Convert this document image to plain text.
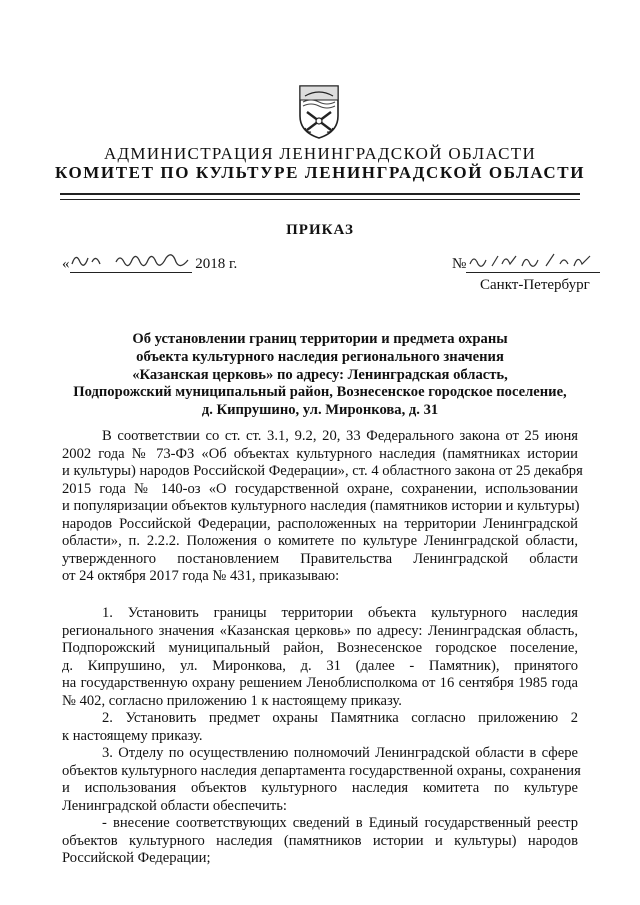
АДМИНИСТРАЦИЯ ЛЕНИНГРАДСКОЙ ОБЛАСТИ
КОМИТЕТ ПО КУЛЬТУРЕ ЛЕНИНГРАДСКОЙ ОБЛАСТИ
ПРИКАЗ
«	2018 г.	№
Санкт-Петербург
Об установлении границ территории и предмета охраны
объекта культурного наследия регионального значения
«Казанская церковь» по адресу: Ленинградская область,
Подпорожский муниципальный район, Вознесенское городское поселение,
д. Кипрушино, ул. Миронкова, д. 31
В соответствии со ст. ст. 3.1, 9.2, 20, 33 Федерального закона от 25 июня
2002 года № 73-ФЗ «Об объектах культурного наследия (памятниках истории
и культуры) народов Российской Федерации», ст. 4 областного закона от 25 декабря
2015 года № 140-оз «О государственной охране, сохранении, использовании
и популяризации объектов культурного наследия (памятников истории и культуры)
народов Российской Федерации, расположенных на территории Ленинградской
области», п. 2.2.2. Положения о комитете по культуре Ленинградской области,
утвержденного постановлением Правительства Ленинградской области
от 24 октября 2017 года № 431, приказываю:
1. Установить границы территории объекта культурного наследия
регионального значения «Казанская церковь» по адресу: Ленинградская область,
Подпорожский муниципальный район, Вознесенское городское поселение,
д. Кипрушино, ул. Миронкова, д. 31 (далее - Памятник), принятого
на государственную охрану решением Леноблисполкома от 16 сентября 1985 года
№ 402, согласно приложению 1 к настоящему приказу.
2. Установить предмет охраны Памятника согласно приложению 2
к настоящему приказу.
3. Отделу по осуществлению полномочий Ленинградской области в сфере
объектов культурного наследия департамента государственной охраны, сохранения
и использования объектов культурного наследия комитета по культуре
Ленинградской области обеспечить:
- внесение соответствующих сведений в Единый государственный реестр
объектов культурного наследия (памятников истории и культуры) народов
Российской Федерации;
